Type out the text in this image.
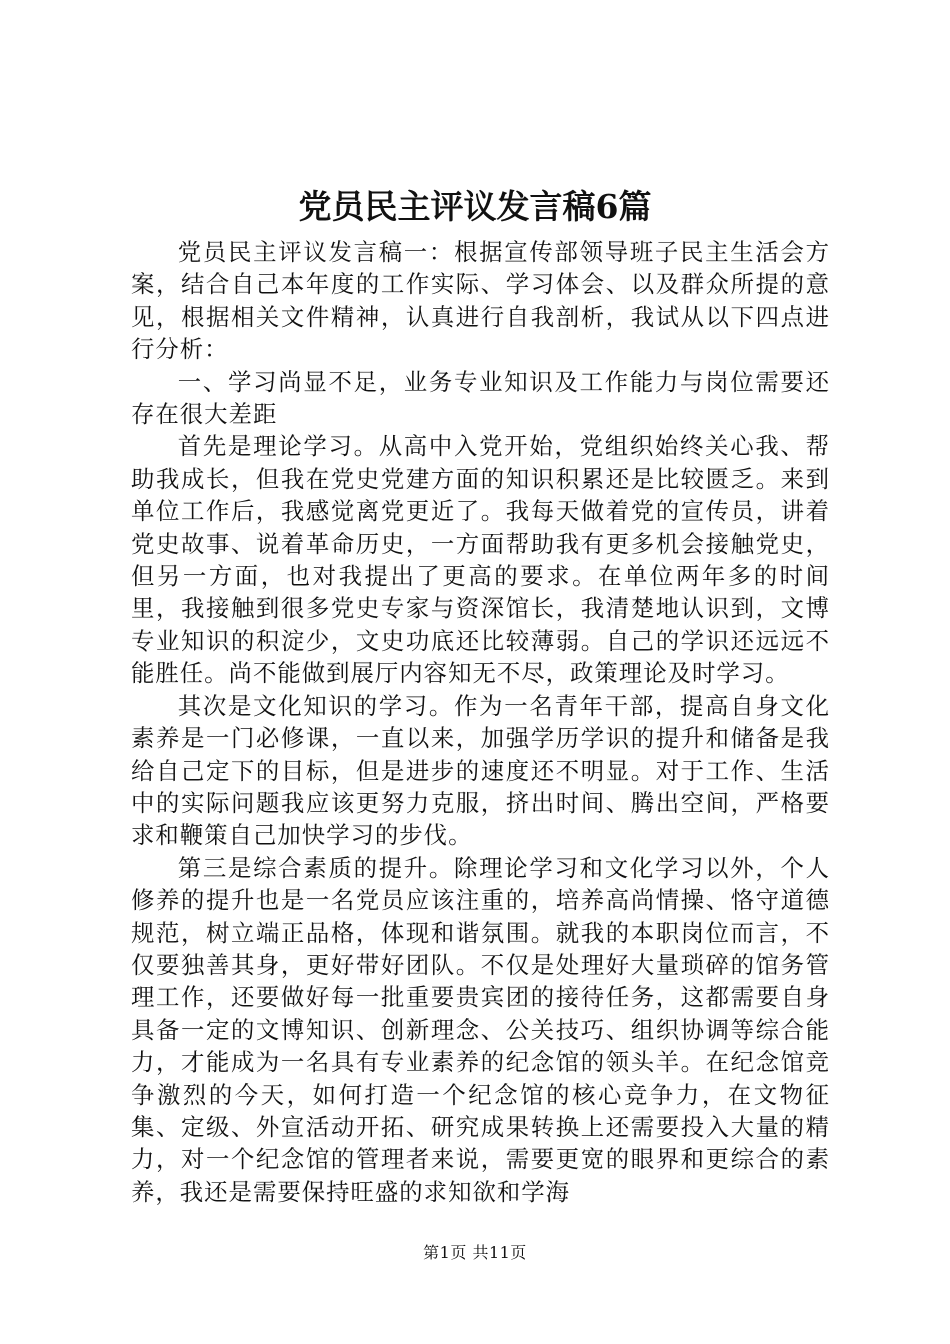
党员民主评议发言稿6篇

党员民主评议发言稿一：根据宣传部领导班子民主生活会方案，结合自己本年度的工作实际、学习体会、以及群众所提的意见，根据相关文件精神，认真进行自我剖析，我试从以下四点进行分析：

一、学习尚显不足，业务专业知识及工作能力与岗位需要还存在很大差距

首先是理论学习。从高中入党开始，党组织始终关心我、帮助我成长，但我在党史党建方面的知识积累还是比较匮乏。来到单位工作后，我感觉离党更近了。我每天做着党的宣传员，讲着党史故事、说着革命历史，一方面帮助我有更多机会接触党史，但另一方面，也对我提出了更高的要求。在单位两年多的时间里，我接触到很多党史专家与资深馆长，我清楚地认识到，文博专业知识的积淀少，文史功底还比较薄弱。自己的学识还远远不能胜任。尚不能做到展厅内容知无不尽，政策理论及时学习。

其次是文化知识的学习。作为一名青年干部，提高自身文化素养是一门必修课，一直以来，加强学历学识的提升和储备是我给自己定下的目标，但是进步的速度还不明显。对于工作、生活中的实际问题我应该更努力克服，挤出时间、腾出空间，严格要求和鞭策自己加快学习的步伐。

第三是综合素质的提升。除理论学习和文化学习以外，个人修养的提升也是一名党员应该注重的，培养高尚情操、恪守道德规范，树立端正品格，体现和谐氛围。就我的本职岗位而言，不仅要独善其身，更好带好团队。不仅是处理好大量琐碎的馆务管理工作，还要做好每一批重要贵宾团的接待任务，这都需要自身具备一定的文博知识、创新理念、公关技巧、组织协调等综合能力，才能成为一名具有专业素养的纪念馆的领头羊。在纪念馆竞争激烈的今天，如何打造一个纪念馆的核心竞争力，在文物征集、定级、外宣活动开拓、研究成果转换上还需要投入大量的精力，对一个纪念馆的管理者来说，需要更宽的眼界和更综合的素养，我还是需要保持旺盛的求知欲和学海

第1页 共11页
